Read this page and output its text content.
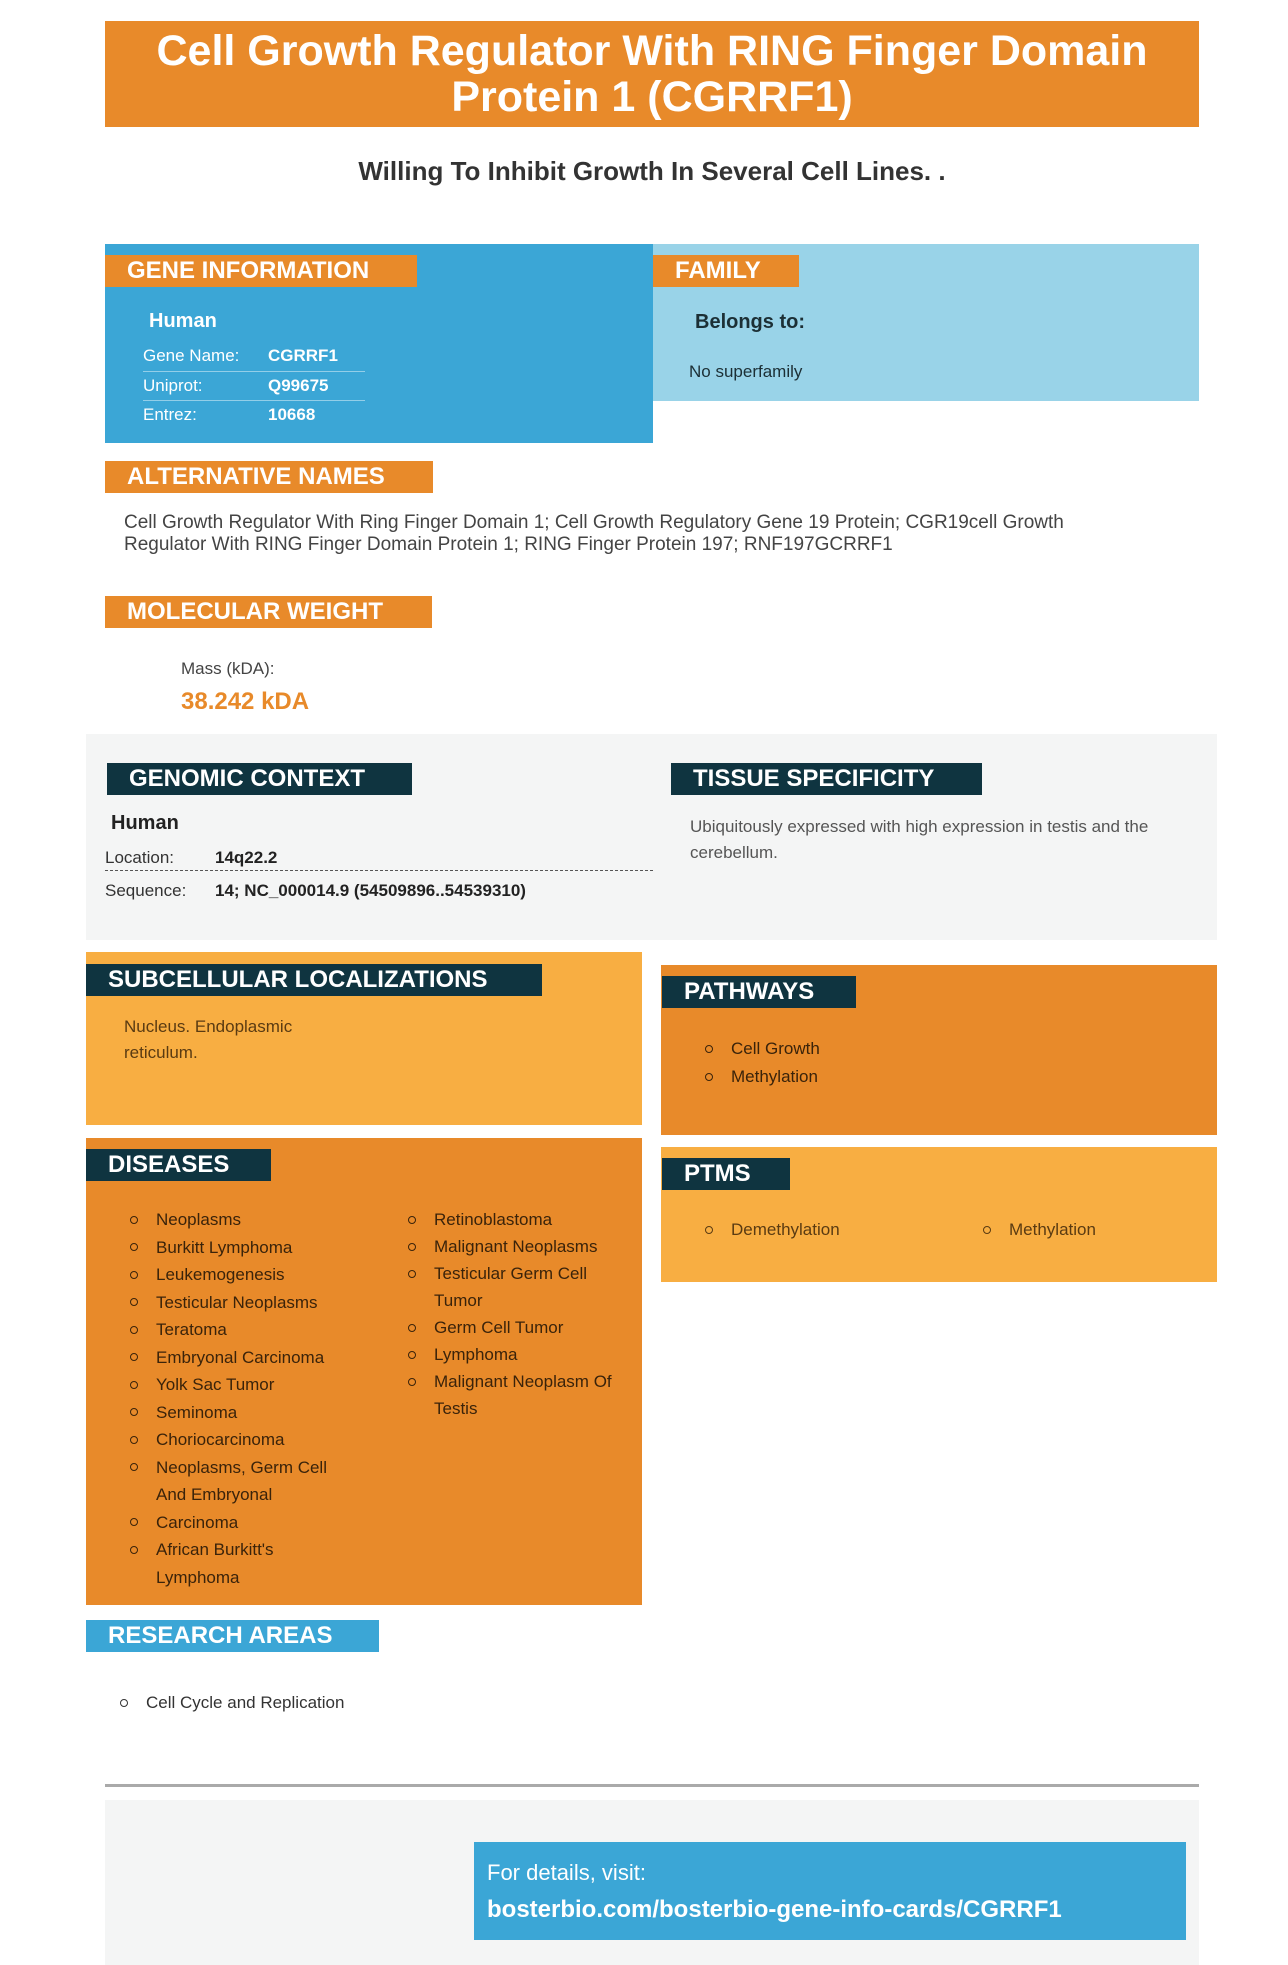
Cell Growth Regulator With RING Finger Domain Protein 1 (CGRRF1)
Willing To Inhibit Growth In Several Cell Lines. .
GENE INFORMATION
Human
Gene Name: CGRRF1
Uniprot:	Q99675
Entrez:	10668
FAMILY
Belongs to:
No superfamily
ALTERNATIVE NAMES
Cell Growth Regulator With Ring Finger Domain 1; Cell Growth Regulatory Gene 19 Protein; CGR19cell Growth Regulator With RING Finger Domain Protein 1; RING Finger Protein 197; RNF197GCRRF1
MOLECULAR WEIGHT
Mass (kDA):
38.242 kDA
GENOMIC CONTEXT
Human
Location: 14q22.2
Sequence: 14; NC_000014.9 (54509896..54539310)
TISSUE SPECIFICITY
Ubiquitously expressed with high expression in testis and the cerebellum.
SUBCELLULAR LOCALIZATIONS
Nucleus. Endoplasmic reticulum.
PATHWAYS
Cell Growth
Methylation
DISEASES
Neoplasms
Burkitt Lymphoma
Leukemogenesis
Testicular Neoplasms
Teratoma
Embryonal Carcinoma
Yolk Sac Tumor
Seminoma
Choriocarcinoma
Neoplasms, Germ Cell And Embryonal
Carcinoma
African Burkitt's Lymphoma
Retinoblastoma
Malignant Neoplasms
Testicular Germ Cell Tumor
Germ Cell Tumor
Lymphoma
Malignant Neoplasm Of Testis
PTMS
Demethylation	Methylation
RESEARCH AREAS
Cell Cycle and Replication
For details, visit:
bosterbio.com/bosterbio-gene-info-cards/CGRRF1
